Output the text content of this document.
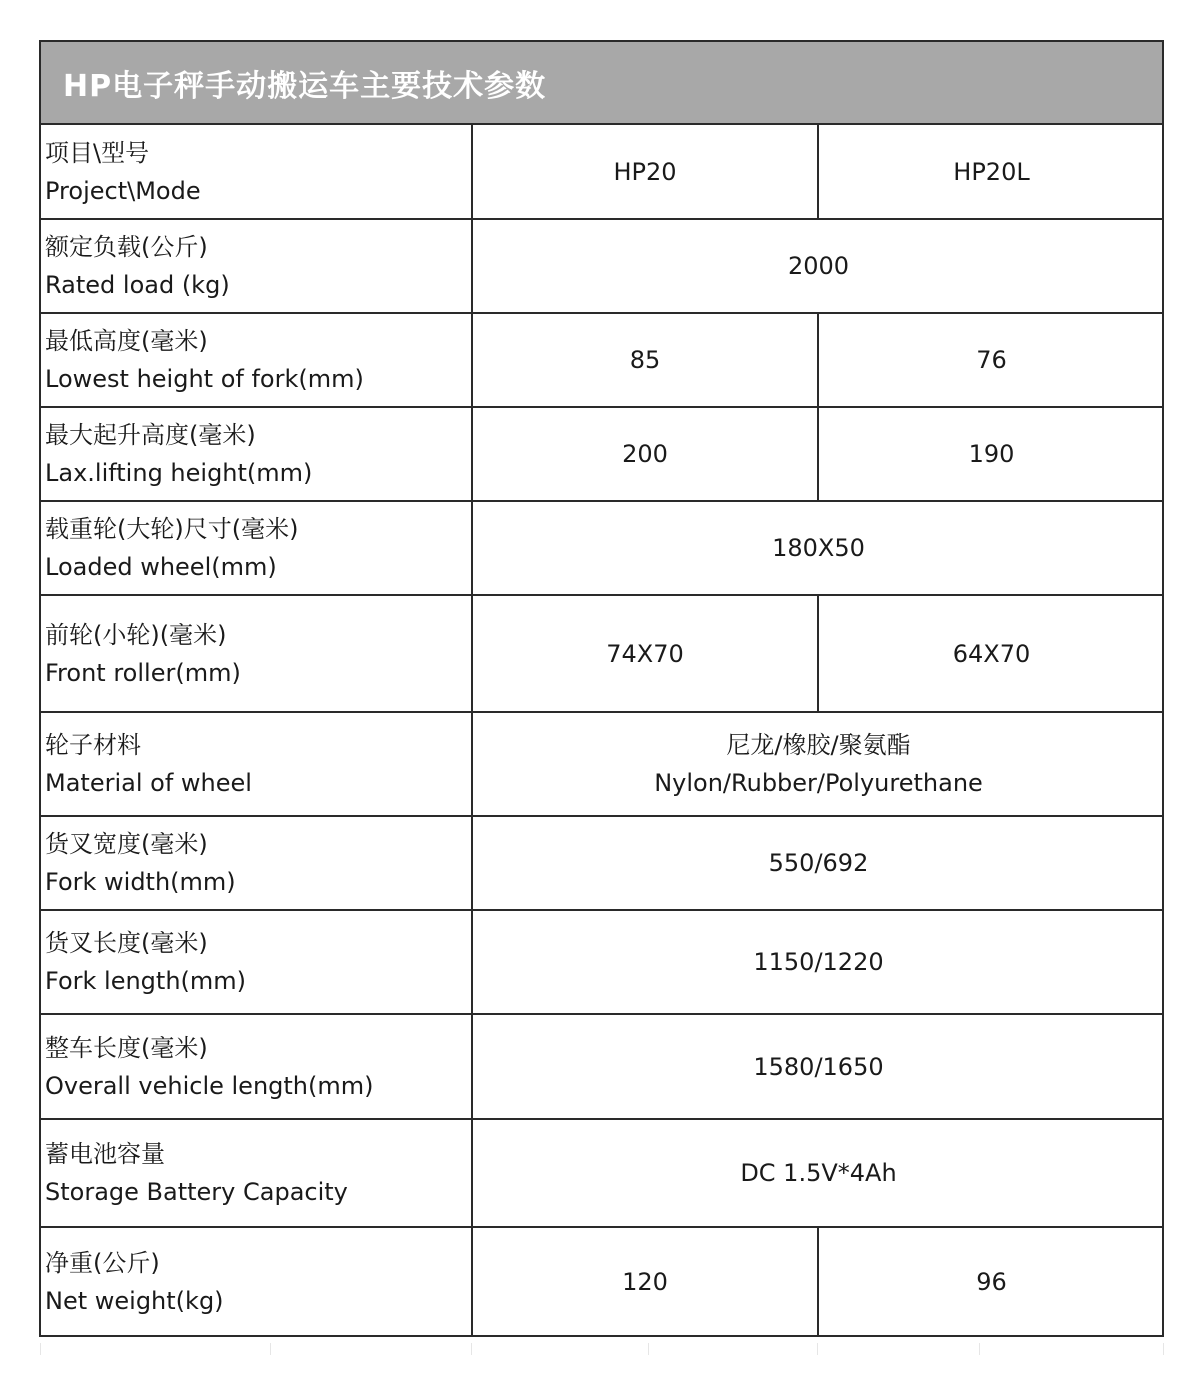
HP电子秤手动搬运车主要技术参数
项目\型号
Project\Mode	HP20	HP20L

额定负载(公斤)
Rated load (kg)	2000	

最低高度(毫米)
Lowest height of fork(mm)	85	76

最大起升高度(毫米)
Lax.lifting height(mm)	200	190

载重轮(大轮)尺寸(毫米)
Loaded wheel(mm)	180X50	

前轮(小轮)(毫米)
Front roller(mm)	74X70	64X70

轮子材料
Material of wheel	尼龙/橡胶/聚氨酯
Nylon/Rubber/Polyurethane	

货叉宽度(毫米)
Fork width(mm)	550/692	

货叉长度(毫米)
Fork length(mm)	1150/1220	

整车长度(毫米)
Overall vehicle length(mm)	1580/1650	

蓄电池容量
Storage Battery Capacity	DC 1.5V*4Ah	

净重(公斤)
Net weight(kg)	120	96
